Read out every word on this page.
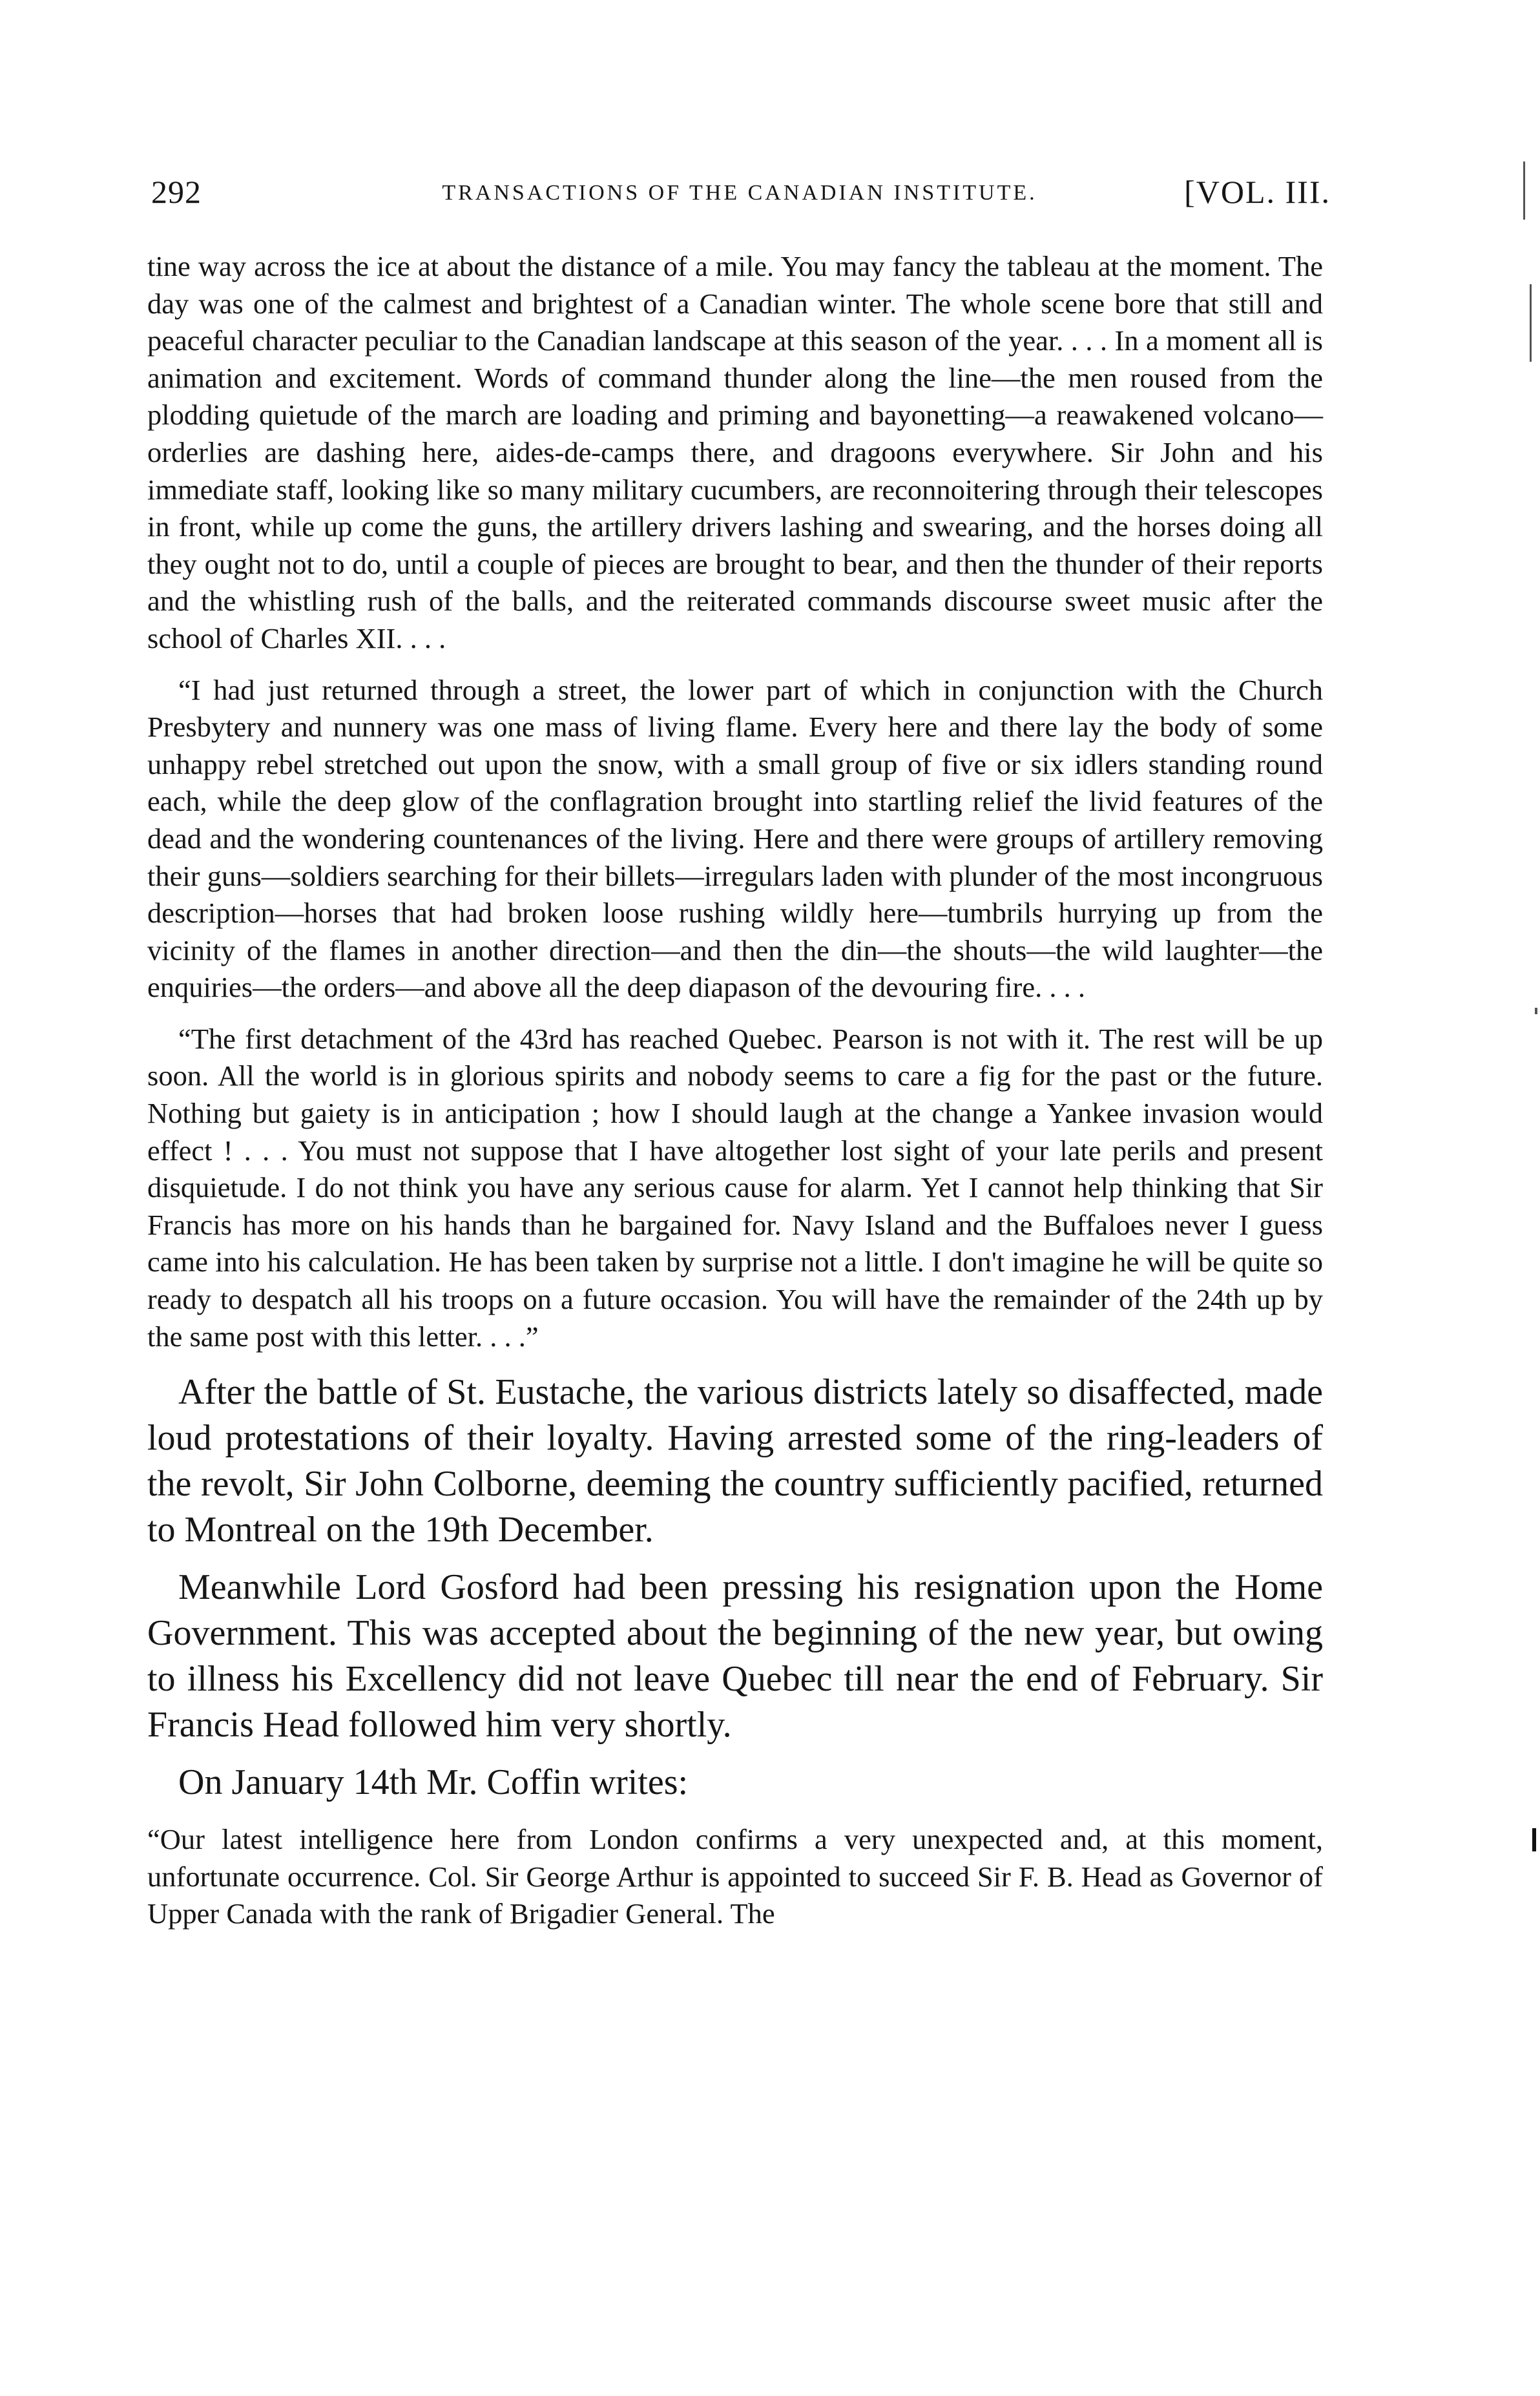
292	TRANSACTIONS OF THE CANADIAN INSTITUTE.	[VOL. III.

tine way across the ice at about the distance of a mile. You may fancy the tableau at the moment. The day was one of the calmest and brightest of a Canadian winter. The whole scene bore that still and peaceful character peculiar to the Canadian landscape at this season of the year. . . . In a moment all is animation and excitement. Words of command thunder along the line—the men roused from the plodding quietude of the march are loading and priming and bayonetting—a reawakened volcano—orderlies are dashing here, aides-de-camps there, and dragoons everywhere. Sir John and his immediate staff, looking like so many military cucumbers, are reconnoitering through their telescopes in front, while up come the guns, the artillery drivers lashing and swearing, and the horses doing all they ought not to do, until a couple of pieces are brought to bear, and then the thunder of their reports and the whistling rush of the balls, and the reiterated commands discourse sweet music after the school of Charles XII. . . .

“I had just returned through a street, the lower part of which in conjunction with the Church Presbytery and nunnery was one mass of living flame. Every here and there lay the body of some unhappy rebel stretched out upon the snow, with a small group of five or six idlers standing round each, while the deep glow of the conflagration brought into startling relief the livid features of the dead and the wondering countenances of the living. Here and there were groups of artillery removing their guns—soldiers searching for their billets—irregulars laden with plunder of the most incongruous description—horses that had broken loose rushing wildly here—tumbrils hurrying up from the vicinity of the flames in another direction—and then the din—the shouts—the wild laughter—the enquiries—the orders—and above all the deep diapason of the devouring fire. . . .

“The first detachment of the 43rd has reached Quebec. Pearson is not with it. The rest will be up soon. All the world is in glorious spirits and nobody seems to care a fig for the past or the future. Nothing but gaiety is in anticipation ; how I should laugh at the change a Yankee invasion would effect ! . . . You must not suppose that I have altogether lost sight of your late perils and present disquietude. I do not think you have any serious cause for alarm. Yet I cannot help thinking that Sir Francis has more on his hands than he bargained for. Navy Island and the Buffaloes never I guess came into his calculation. He has been taken by surprise not a little. I don't imagine he will be quite so ready to despatch all his troops on a future occasion. You will have the remainder of the 24th up by the same post with this letter. . . .”

After the battle of St. Eustache, the various districts lately so disaffected, made loud protestations of their loyalty. Having arrested some of the ring-leaders of the revolt, Sir John Colborne, deeming the country sufficiently pacified, returned to Montreal on the 19th December.

Meanwhile Lord Gosford had been pressing his resignation upon the Home Government. This was accepted about the beginning of the new year, but owing to illness his Excellency did not leave Quebec till near the end of February. Sir Francis Head followed him very shortly.

On January 14th Mr. Coffin writes:

“Our latest intelligence here from London confirms a very unexpected and, at this moment, unfortunate occurrence. Col. Sir George Arthur is appointed to succeed Sir F. B. Head as Governor of Upper Canada with the rank of Brigadier General. The
